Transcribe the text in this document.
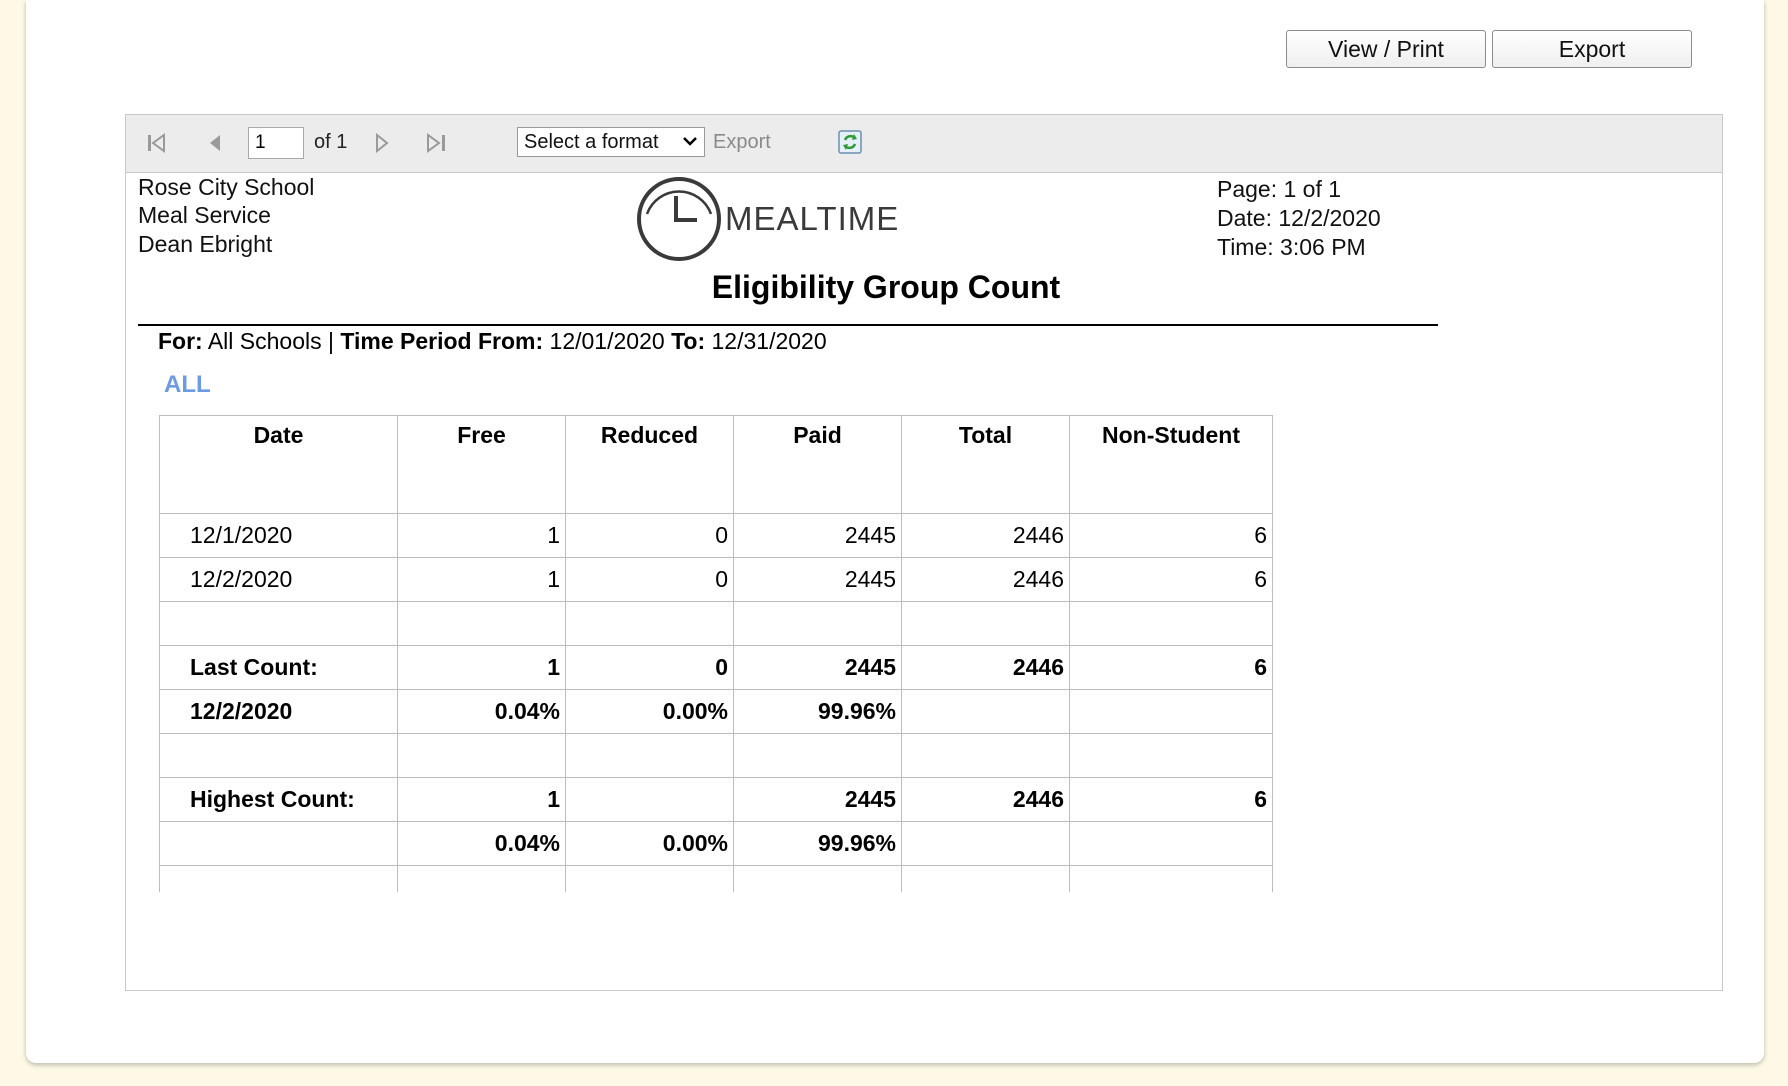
View / Print	Export
1
of 1	Select a format	Export
Rose City School
Meal Service
Dean Ebright
MEALTIME
Page: 1 of 1
Date: 12/2/2020
Time: 3:06 PM
Eligibility Group Count
For: All Schools | Time Period From: 12/01/2020 To: 12/31/2020
ALL
Date	Free	Reduced	Paid	Total	Non-Student
12/1/2020	1	0	2445	2446	6
12/2/2020	1	0	2445	2446	6

Last Count:	1	0	2445	2446	6
12/2/2020	0.04%	0.00%	99.96%		

Highest Count:	1		2445	2446	6
	0.04%	0.00%	99.96%		
